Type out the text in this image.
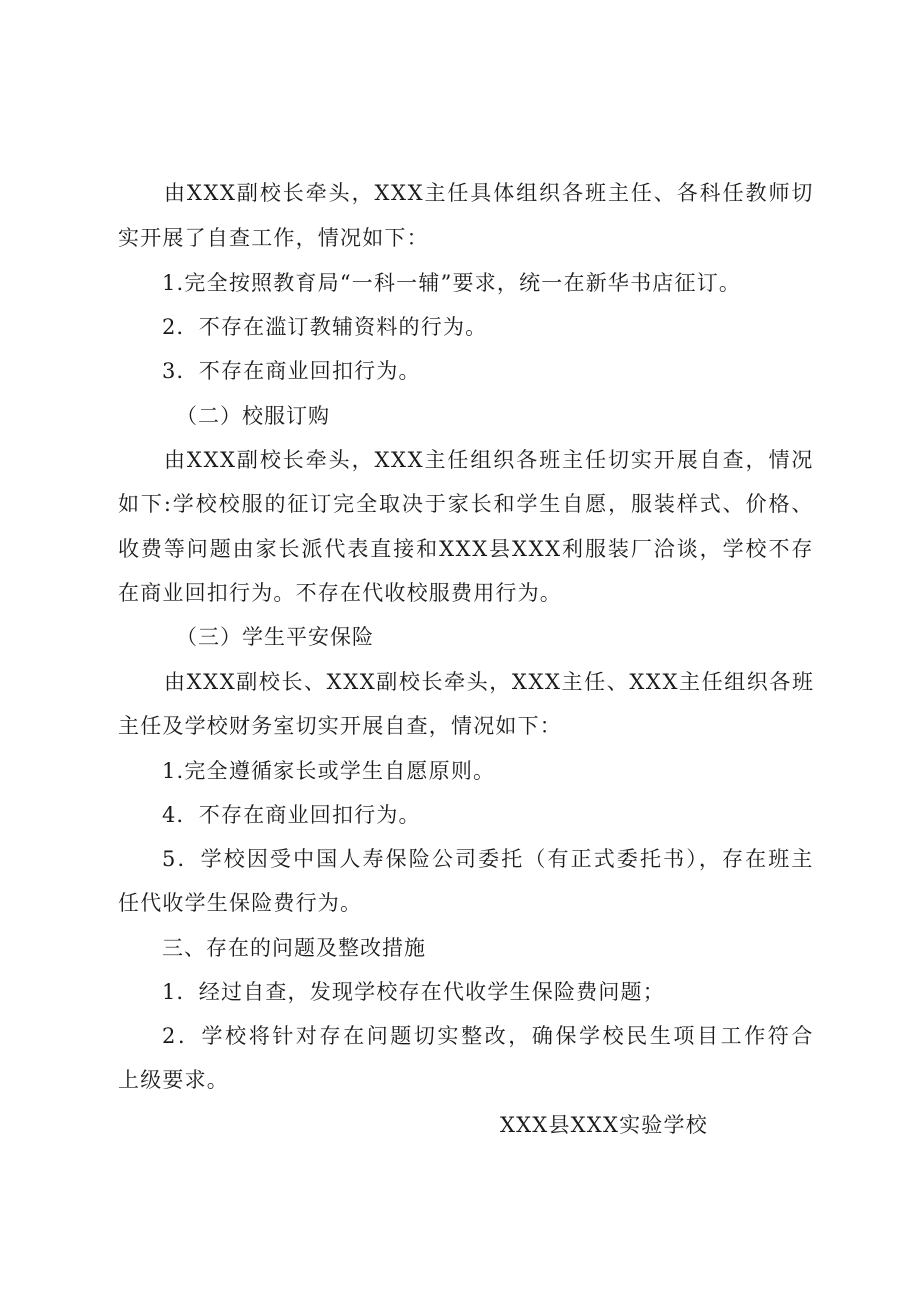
由XXX副校长牵头，XXX主任具体组织各班主任、各科任教师切
实开展了自查工作，情况如下：
1.完全按照教育局“一科一辅”要求，统一在新华书店征订。
2．不存在滥订教辅资料的行为。
3．不存在商业回扣行为。
（二）校服订购
由XXX副校长牵头，XXX主任组织各班主任切实开展自查，情况
如下:学校校服的征订完全取决于家长和学生自愿，服装样式、价格、
收费等问题由家长派代表直接和XXX县XXX利服装厂洽谈，学校不存
在商业回扣行为。不存在代收校服费用行为。
（三）学生平安保险
由XXX副校长、XXX副校长牵头，XXX主任、XXX主任组织各班
主任及学校财务室切实开展自查，情况如下：
1.完全遵循家长或学生自愿原则。
4．不存在商业回扣行为。
5．学校因受中国人寿保险公司委托（有正式委托书），存在班主
任代收学生保险费行为。
三、存在的问题及整改措施
1．经过自查，发现学校存在代收学生保险费问题；
2．学校将针对存在问题切实整改，确保学校民生项目工作符合
上级要求。
XXX县XXX实验学校
